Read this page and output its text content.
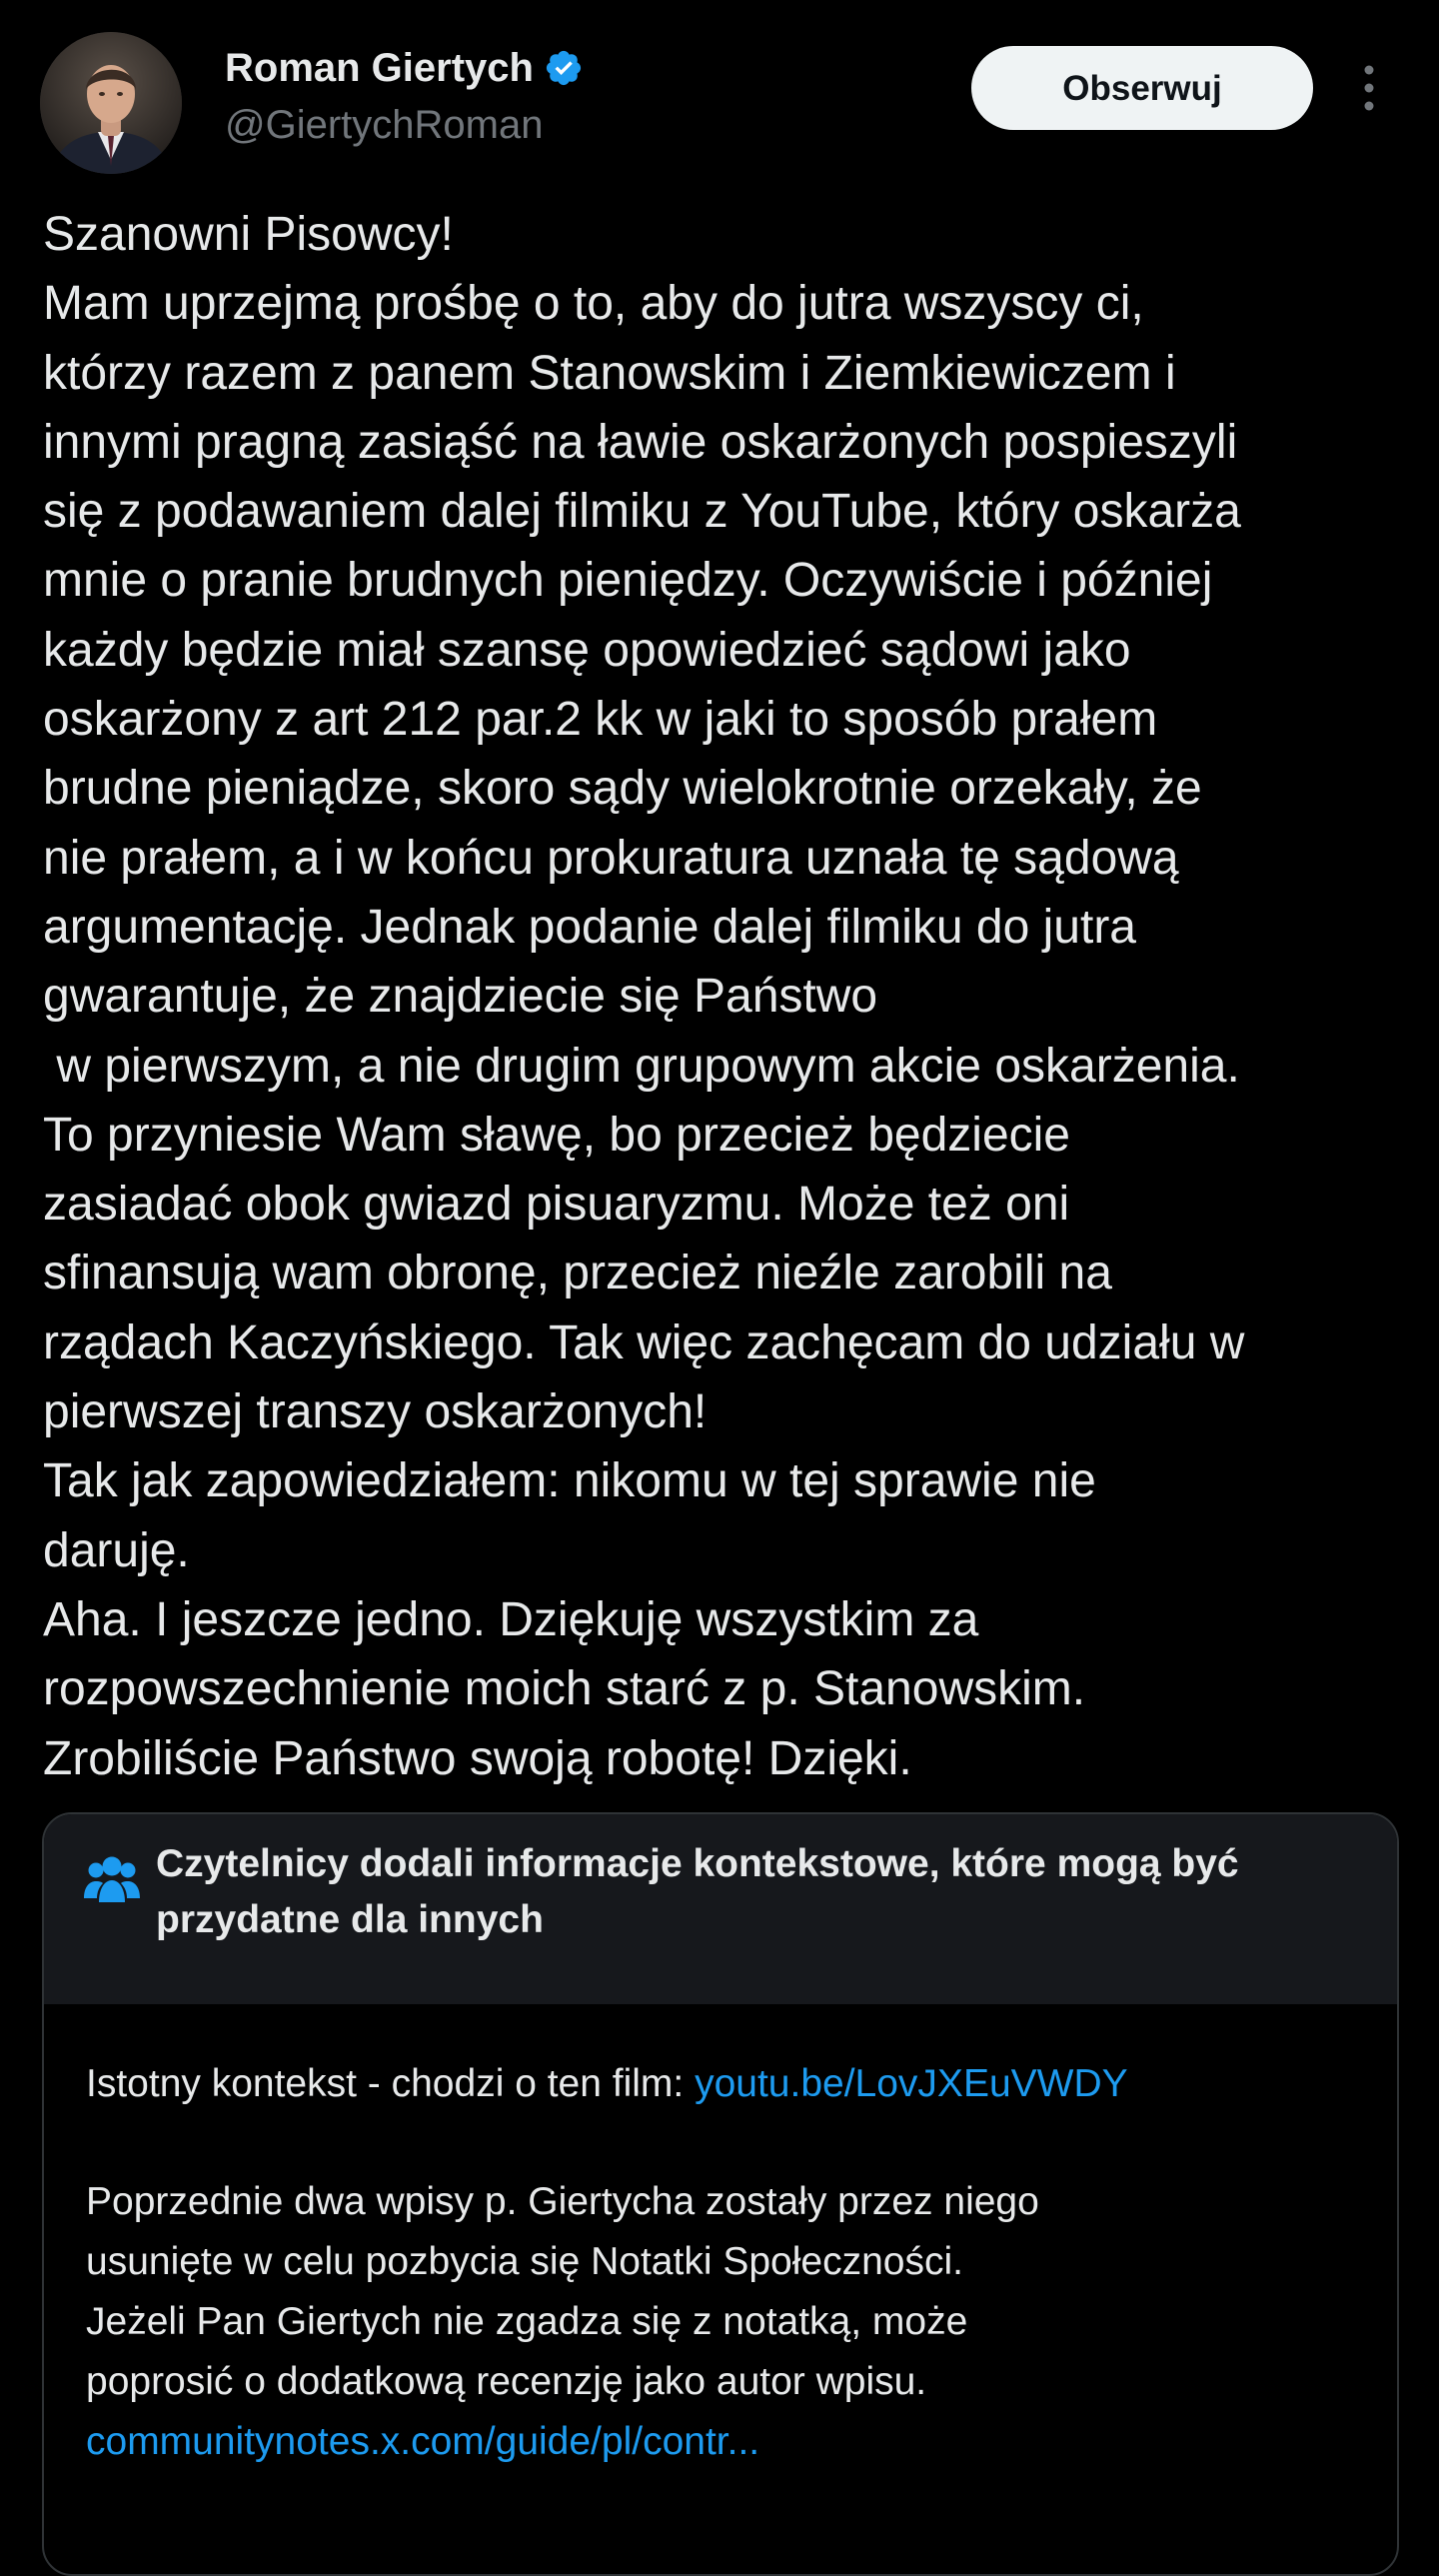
Roman Giertych
@GiertychRoman
Obserwuj
Szanowni Pisowcy!
Mam uprzejmą prośbę o to, aby do jutra wszyscy ci,
którzy razem z panem Stanowskim i Ziemkiewiczem i
innymi pragną zasiąść na ławie oskarżonych pospieszyli
się z podawaniem dalej filmiku z YouTube, który oskarża
mnie o pranie brudnych pieniędzy. Oczywiście i później
każdy będzie miał szansę opowiedzieć sądowi jako
oskarżony z art 212 par.2 kk w jaki to sposób prałem
brudne pieniądze, skoro sądy wielokrotnie orzekały, że
nie prałem, a i w końcu prokuratura uznała tę sądową
argumentację. Jednak podanie dalej filmiku do jutra
gwarantuje, że znajdziecie się Państwo
w pierwszym, a nie drugim grupowym akcie oskarżenia.
To przyniesie Wam sławę, bo przecież będziecie
zasiadać obok gwiazd pisuaryzmu. Może też oni
sfinansują wam obronę, przecież nieźle zarobili na
rządach Kaczyńskiego. Tak więc zachęcam do udziału w
pierwszej transzy oskarżonych!
Tak jak zapowiedziałem: nikomu w tej sprawie nie
daruję.
Aha. I jeszcze jedno. Dziękuję wszystkim za
rozpowszechnienie moich starć z p. Stanowskim.
Zrobiliście Państwo swoją robotę! Dzięki.
Czytelnicy dodali informacje kontekstowe, które mogą być
przydatne dla innych
Istotny kontekst - chodzi o ten film: youtu.be/LovJXEuVWDY
Poprzednie dwa wpisy p. Giertycha zostały przez niego
usunięte w celu pozbycia się Notatki Społeczności.
Jeżeli Pan Giertych nie zgadza się z notatką, może
poprosić o dodatkową recenzję jako autor wpisu.
communitynotes.x.com/guide/pl/contr...
